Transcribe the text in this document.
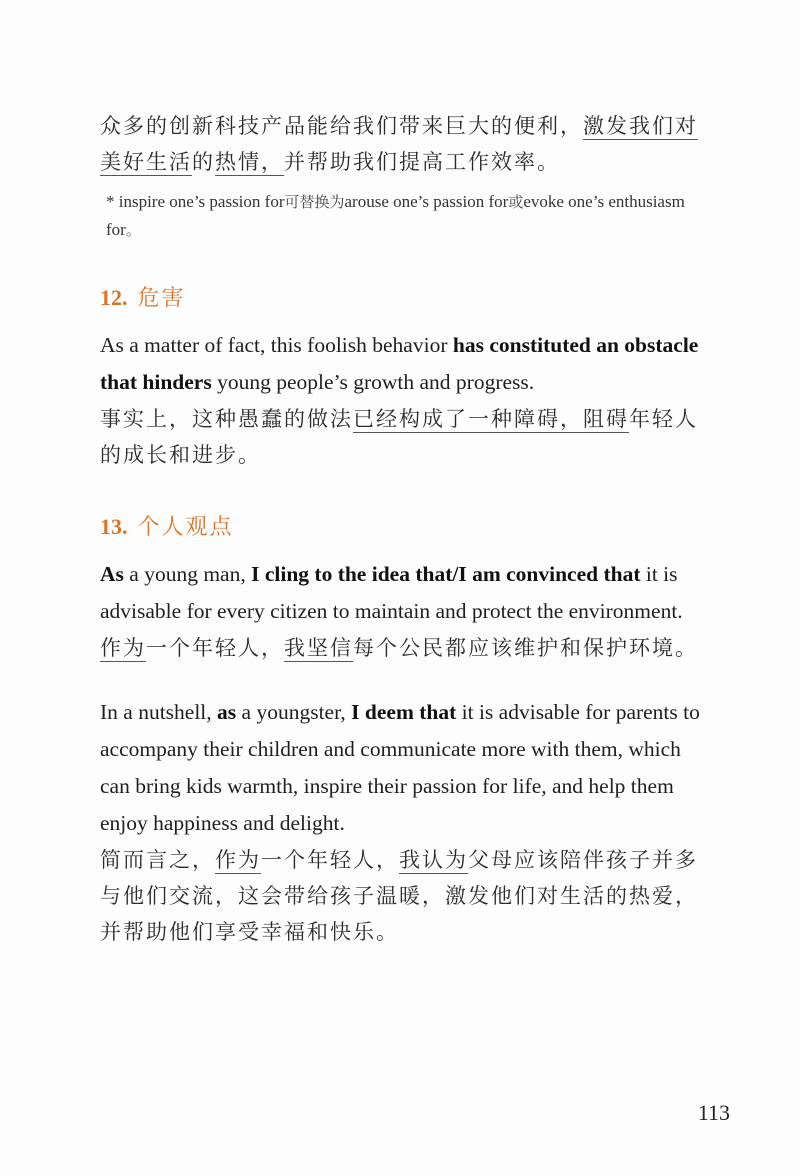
众多的创新科技产品能给我们带来巨大的便利，激发我们对美好生活的热情，并帮助我们提高工作效率。

* inspire one’s passion for可替换为arouse one’s passion for或evoke one’s enthusiasm for。

12. 危害

As a matter of fact, this foolish behavior has constituted an obstacle that hinders young people’s growth and progress.

事实上，这种愚蠢的做法已经构成了一种障碍，阻碍年轻人的成长和进步。

13. 个人观点

As a young man, I cling to the idea that/I am convinced that it is advisable for every citizen to maintain and protect the environment.

作为一个年轻人，我坚信每个公民都应该维护和保护环境。

In a nutshell, as a youngster, I deem that it is advisable for parents to accompany their children and communicate more with them, which can bring kids warmth, inspire their passion for life, and help them enjoy happiness and delight.

简而言之，作为一个年轻人，我认为父母应该陪伴孩子并多与他们交流，这会带给孩子温暖，激发他们对生活的热爱，并帮助他们享受幸福和快乐。

113
